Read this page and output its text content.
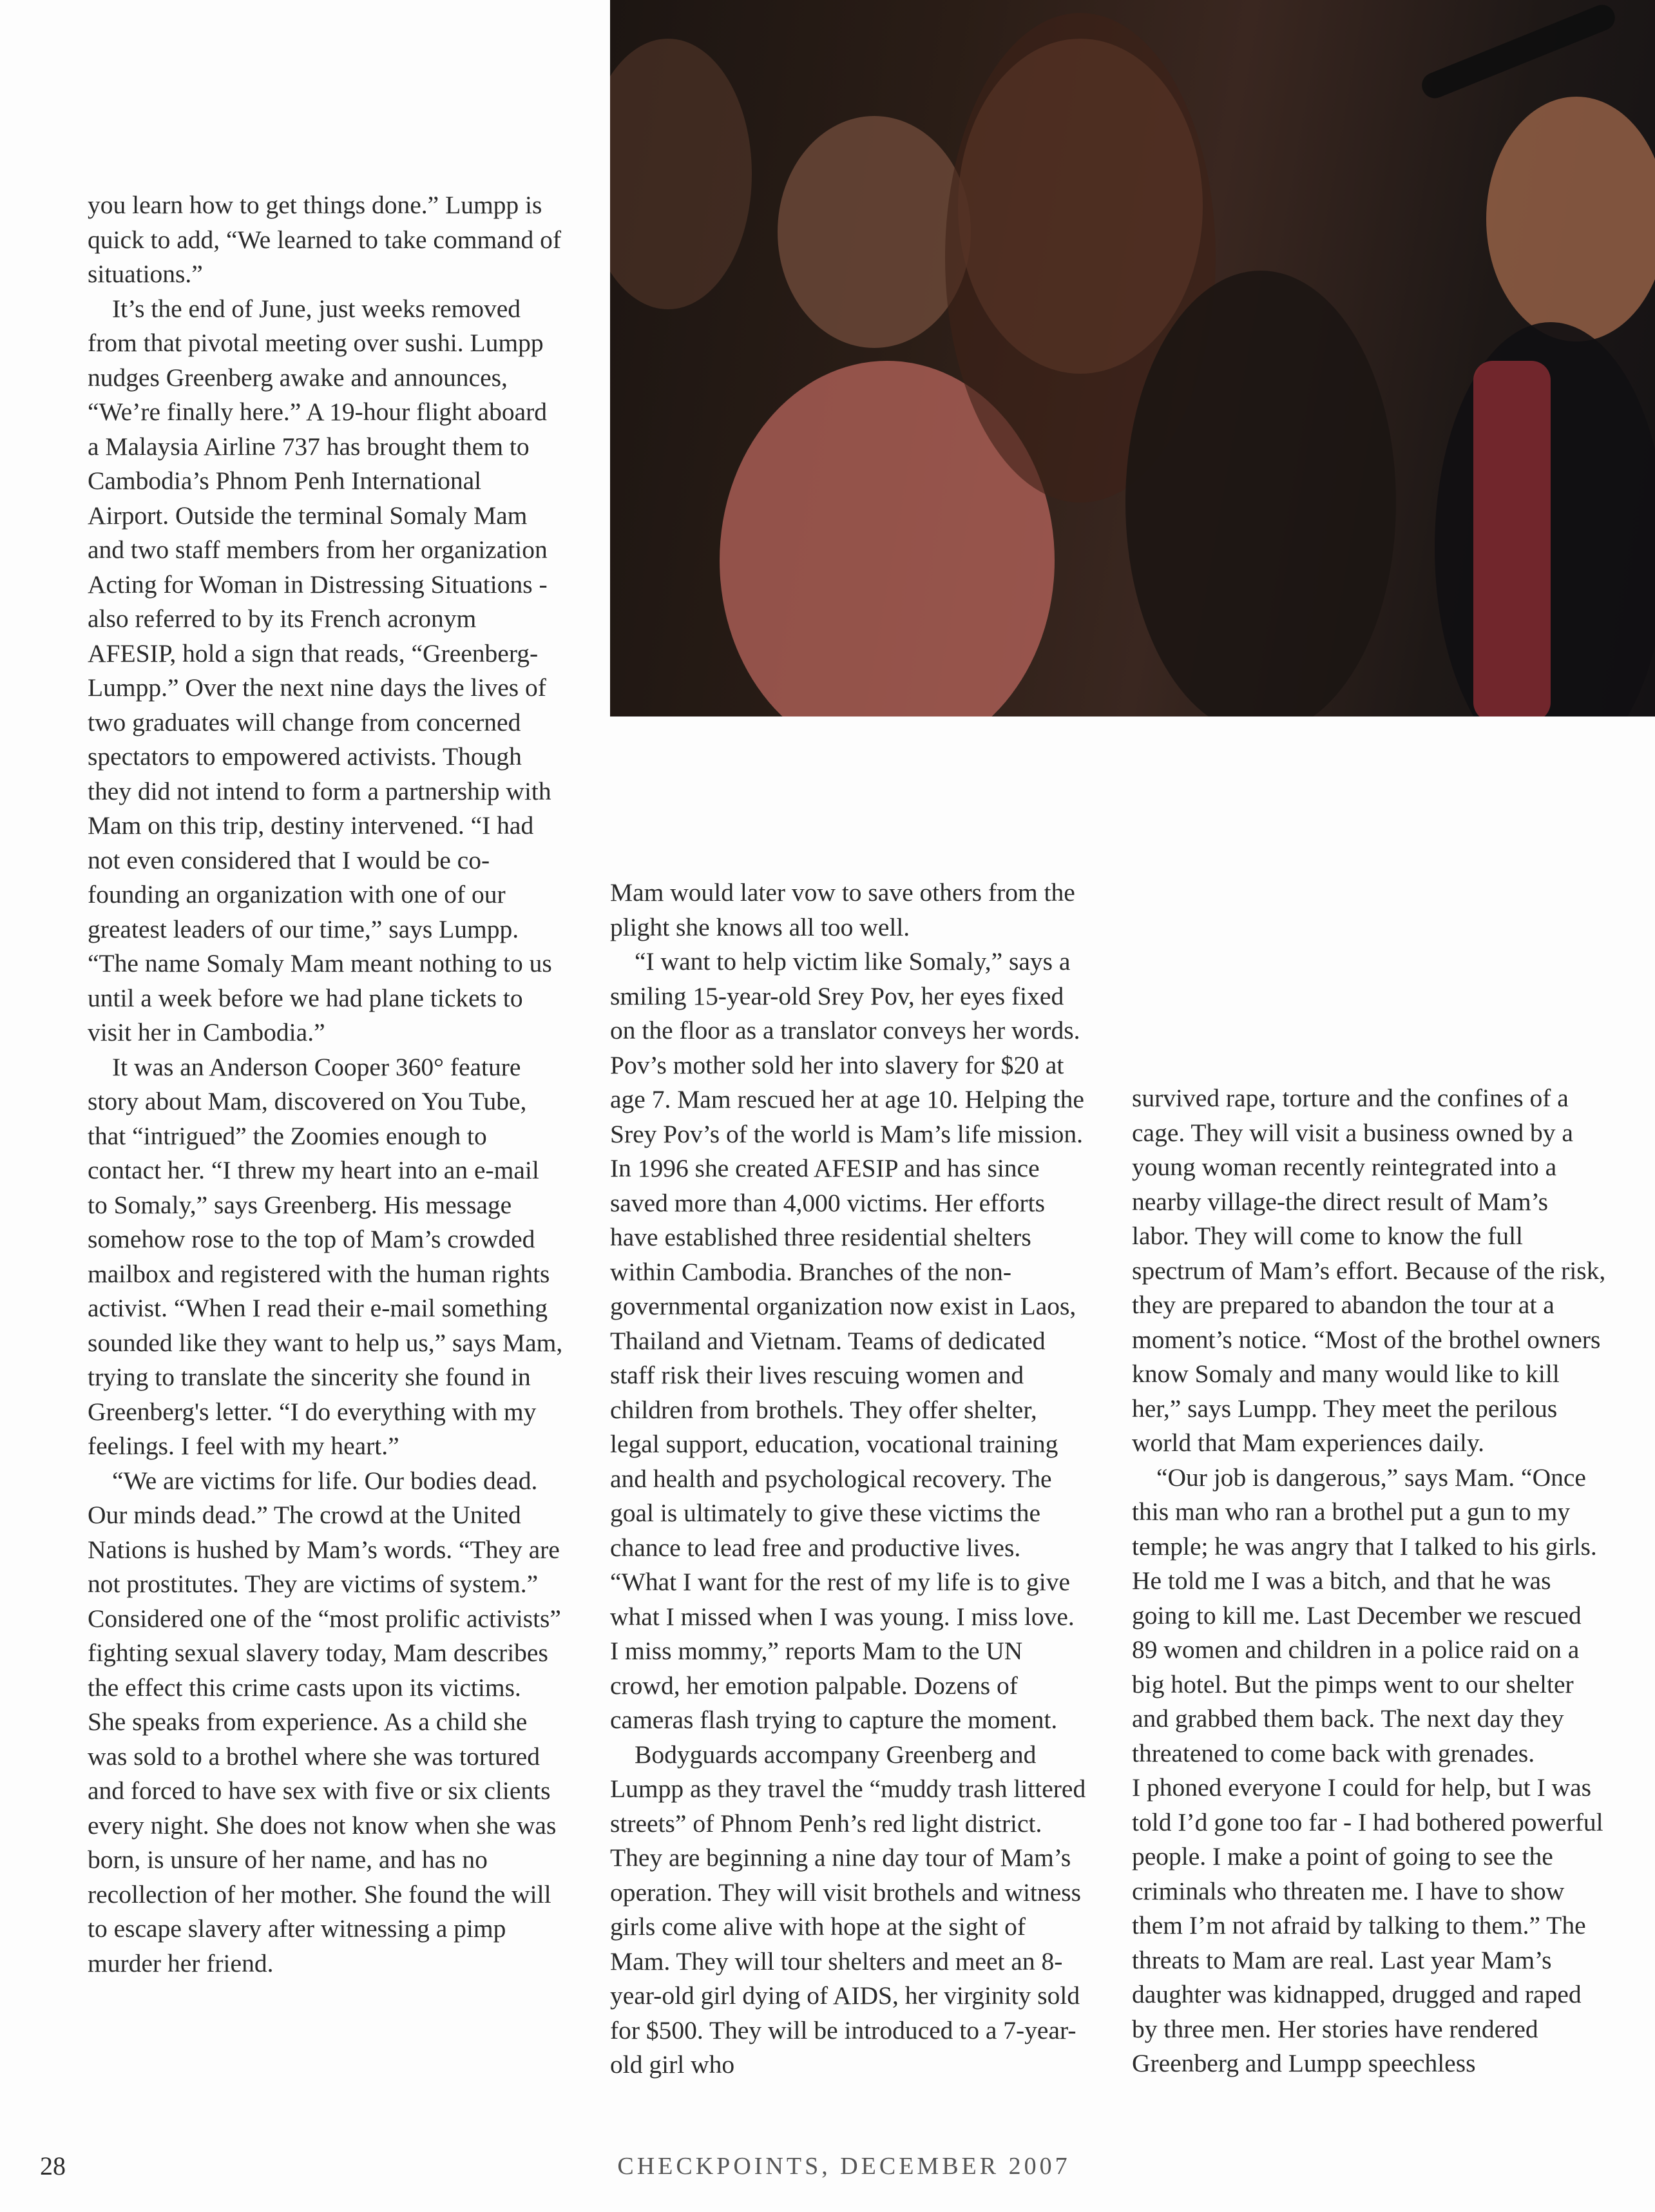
you learn how to get things done.” Lumpp is quick to add, “We learned to take command of situations.”

It’s the end of June, just weeks removed from that pivotal meeting over sushi. Lumpp nudges Greenberg awake and announces, “We’re finally here.” A 19-hour flight aboard a Malaysia Airline 737 has brought them to Cambodia’s Phnom Penh International Airport. Outside the terminal Somaly Mam and two staff members from her organization Acting for Woman in Distressing Situations - also referred to by its French acronym AFESIP, hold a sign that reads, “Greenberg-Lumpp.” Over the next nine days the lives of two graduates will change from concerned spectators to empowered activists. Though they did not intend to form a partnership with Mam on this trip, destiny intervened. “I had not even considered that I would be co-founding an organization with one of our greatest leaders of our time,” says Lumpp. “The name Somaly Mam meant nothing to us until a week before we had plane tickets to visit her in Cambodia.”

It was an Anderson Cooper 360° feature story about Mam, discovered on You Tube, that “intrigued” the Zoomies enough to contact her. “I threw my heart into an e-mail to Somaly,” says Greenberg. His message somehow rose to the top of Mam’s crowded mailbox and registered with the human rights activist. “When I read their e-mail something sounded like they want to help us,” says Mam, trying to translate the sincerity she found in Greenberg's letter. “I do everything with my feelings. I feel with my heart.”

“We are victims for life. Our bodies dead. Our minds dead.” The crowd at the United Nations is hushed by Mam’s words. “They are not prostitutes. They are victims of system.” Considered one of the “most prolific activists” fighting sexual slavery today, Mam describes the effect this crime casts upon its victims. She speaks from experience. As a child she was sold to a brothel where she was tortured and forced to have sex with five or six clients every night. She does not know when she was born, is unsure of her name, and has no recollection of her mother. She found the will to escape slavery after witnessing a pimp murder her friend.

Mam would later vow to save others from the plight she knows all too well.

“I want to help victim like Somaly,” says a smiling 15-year-old Srey Pov, her eyes fixed on the floor as a translator conveys her words. Pov’s mother sold her into slavery for $20 at age 7. Mam rescued her at age 10. Helping the Srey Pov’s of the world is Mam’s life mission. In 1996 she created AFESIP and has since saved more than 4,000 victims. Her efforts have established three residential shelters within Cambodia. Branches of the non-governmental organization now exist in Laos, Thailand and Vietnam. Teams of dedicated staff risk their lives rescuing women and children from brothels. They offer shelter, legal support, education, vocational training and health and psychological recovery. The goal is ultimately to give these victims the chance to lead free and productive lives. “What I want for the rest of my life is to give what I missed when I was young. I miss love. I miss mommy,” reports Mam to the UN crowd, her emotion palpable. Dozens of cameras flash trying to capture the moment.

Bodyguards accompany Greenberg and Lumpp as they travel the “muddy trash littered streets” of Phnom Penh’s red light district. They are beginning a nine day tour of Mam’s operation. They will visit brothels and witness girls come alive with hope at the sight of Mam. They will tour shelters and meet an 8-year-old girl dying of AIDS, her virginity sold for $500. They will be introduced to a 7-year-old girl who

survived rape, torture and the confines of a cage. They will visit a business owned by a young woman recently reintegrated into a nearby village-the direct result of Mam’s labor. They will come to know the full spectrum of Mam’s effort. Because of the risk, they are prepared to abandon the tour at a moment’s notice. “Most of the brothel owners know Somaly and many would like to kill her,” says Lumpp. They meet the perilous world that Mam experiences daily.

“Our job is dangerous,” says Mam. “Once this man who ran a brothel put a gun to my temple; he was angry that I talked to his girls. He told me I was a bitch, and that he was going to kill me. Last December we rescued 89 women and children in a police raid on a big hotel. But the pimps went to our shelter and grabbed them back. The next day they threatened to come back with grenades.

I phoned everyone I could for help, but I was told I’d gone too far - I had bothered powerful people. I make a point of going to see the criminals who threaten me. I have to show them I’m not afraid by talking to them.” The threats to Mam are real. Last year Mam’s daughter was kidnapped, drugged and raped by three men. Her stories have rendered Greenberg and Lumpp speechless

28	CHECKPOINTS, DECEMBER 2007
